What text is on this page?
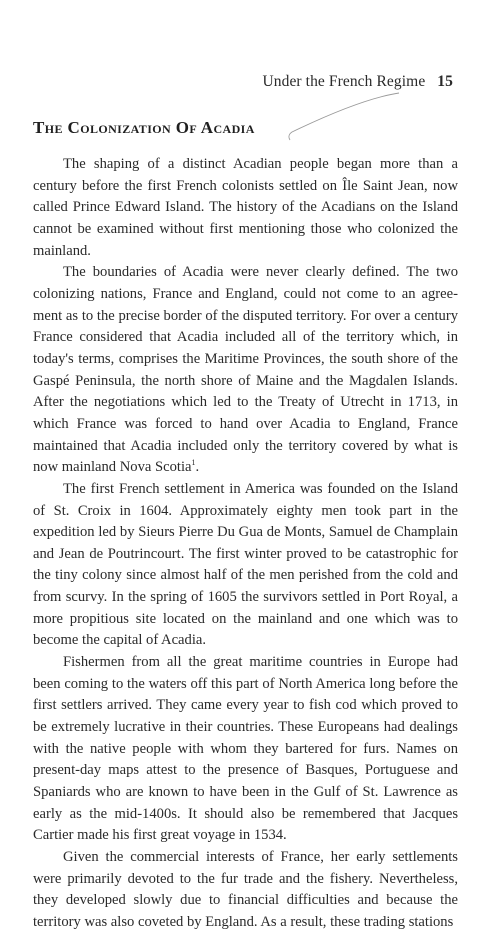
Under the French Regime 15
The Colonization Of Acadia

The shaping of a distinct Acadian people began more than a century before the first French colonists settled on Île Saint Jean, now called Prince Edward Island. The history of the Acadians on the Island cannot be examined without first mentioning those who colonized the mainland.

The boundaries of Acadia were never clearly defined. The two colonizing nations, France and England, could not come to an agreement as to the precise border of the disputed territory. For over a century France considered that Acadia included all of the territory which, in today's terms, comprises the Maritime Provinces, the south shore of the Gaspé Peninsula, the north shore of Maine and the Magdalen Islands. After the negotiations which led to the Treaty of Utrecht in 1713, in which France was forced to hand over Acadia to England, France maintained that Acadia included only the territory covered by what is now mainland Nova Scotia$^1$.

The first French settlement in America was founded on the Island of St. Croix in 1604. Approximately eighty men took part in the expedition led by Sieurs Pierre Du Gua de Monts, Samuel de Champlain and Jean de Poutrincourt. The first winter proved to be catastrophic for the tiny colony since almost half of the men perished from the cold and from scurvy. In the spring of 1605 the survivors settled in Port Royal, a more propitious site located on the mainland and one which was to become the capital of Acadia.

Fishermen from all the great maritime countries in Europe had been coming to the waters off this part of North America long before the first settlers arrived. They came every year to fish cod which proved to be extremely lucrative in their countries. These Europeans had dealings with the native people with whom they bartered for furs. Names on present-day maps attest to the presence of Basques, Portuguese and Spaniards who are known to have been in the Gulf of St. Lawrence as early as the mid-1400s. It should also be remembered that Jacques Cartier made his first great voyage in 1534.

Given the commercial interests of France, her early settlements were primarily devoted to the fur trade and the fishery. Nevertheless, they developed slowly due to financial difficulties and because the territory was also coveted by England. As a result, these trading stations
